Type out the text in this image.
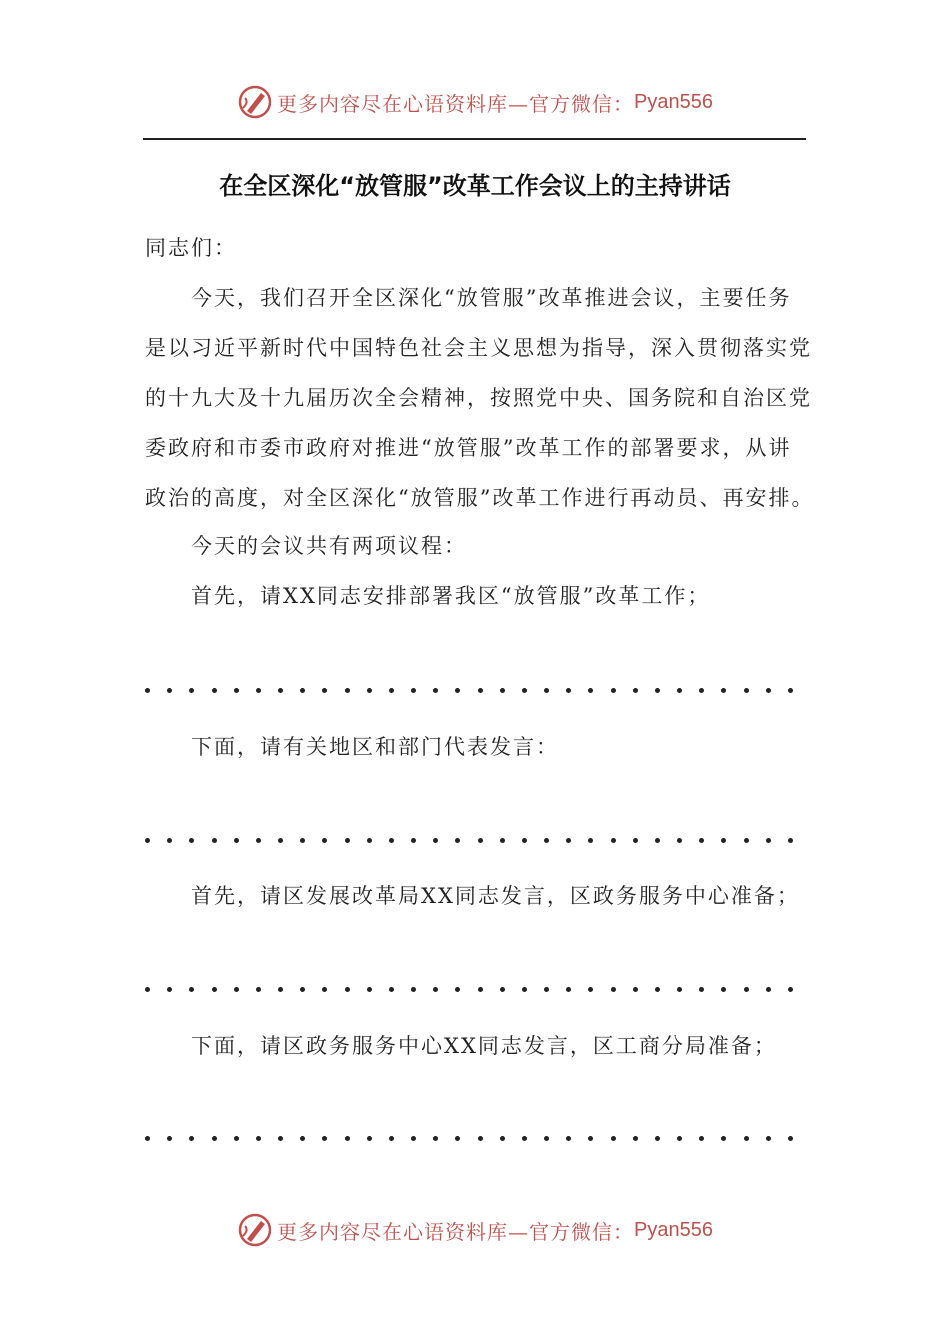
更多内容尽在心语资料库—官方微信： Pyan556
在全区深化“放管服”改革工作会议上的主持讲话
同志们：
今天，我们召开全区深化“放管服”改革推进会议，主要任务
是以习近平新时代中国特色社会主义思想为指导，深入贯彻落实党
的十九大及十九届历次全会精神，按照党中央、国务院和自治区党
委政府和市委市政府对推进“放管服”改革工作的部署要求，从讲
政治的高度，对全区深化“放管服”改革工作进行再动员、再安排。
今天的会议共有两项议程：
首先，请XX同志安排部署我区“放管服”改革工作；
下面，请有关地区和部门代表发言：
首先，请区发展改革局XX同志发言，区政务服务中心准备；
下面，请区政务服务中心XX同志发言，区工商分局准备；
更多内容尽在心语资料库—官方微信： Pyan556
